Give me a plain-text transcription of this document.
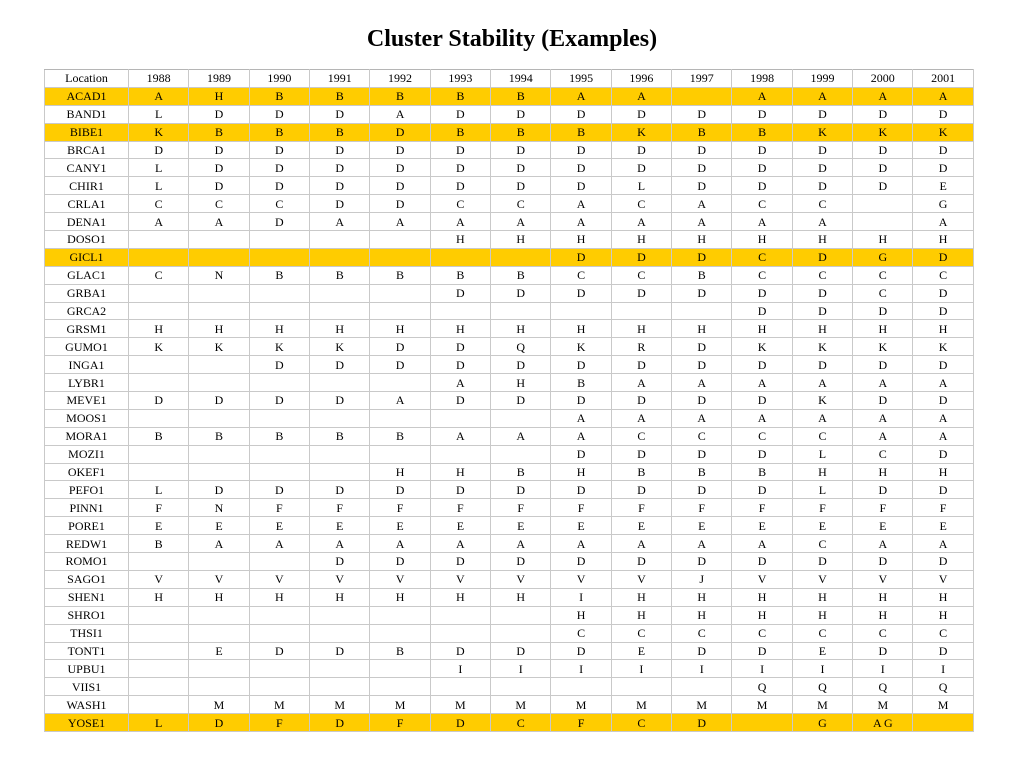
Cluster Stability (Examples)
Location	1988	1989	1990	1991	1992	1993	1994	1995	1996	1997	1998	1999	2000	2001
ACAD1	A	H	B	B	B	B	B	A	A		A	A	A	A
BAND1	L	D	D	D	A	D	D	D	D	D	D	D	D	D
BIBE1	K	B	B	B	D	B	B	B	K	B	B	K	K	K
BRCA1	D	D	D	D	D	D	D	D	D	D	D	D	D	D
CANY1	L	D	D	D	D	D	D	D	D	D	D	D	D	D
CHIR1	L	D	D	D	D	D	D	D	L	D	D	D	D	E
CRLA1	C	C	C	D	D	C	C	A	C	A	C	C		G
DENA1	A	A	D	A	A	A	A	A	A	A	A	A		A
DOSO1						H	H	H	H	H	H	H	H	H
GICL1								D	D	D	C	D	G	D
GLAC1	C	N	B	B	B	B	B	C	C	B	C	C	C	C
GRBA1						D	D	D	D	D	D	D	C	D
GRCA2											D	D	D	D
GRSM1	H	H	H	H	H	H	H	H	H	H	H	H	H	H
GUMO1	K	K	K	K	D	D	Q	K	R	D	K	K	K	K
INGA1			D	D	D	D	D	D	D	D	D	D	D	D
LYBR1						A	H	B	A	A	A	A	A	A
MEVE1	D	D	D	D	A	D	D	D	D	D	D	K	D	D
MOOS1								A	A	A	A	A	A	A
MORA1	B	B	B	B	B	A	A	A	C	C	C	C	A	A
MOZI1								D	D	D	D	L	C	D
OKEF1					H	H	B	H	B	B	B	H	H	H
PEFO1	L	D	D	D	D	D	D	D	D	D	D	L	D	D
PINN1	F	N	F	F	F	F	F	F	F	F	F	F	F	F
PORE1	E	E	E	E	E	E	E	E	E	E	E	E	E	E
REDW1	B	A	A	A	A	A	A	A	A	A	A	C	A	A
ROMO1				D	D	D	D	D	D	D	D	D	D	D
SAGO1	V	V	V	V	V	V	V	V	V	J	V	V	V	V
SHEN1	H	H	H	H	H	H	H	I	H	H	H	H	H	H
SHRO1								H	H	H	H	H	H	H
THSI1								C	C	C	C	C	C	C
TONT1		E	D	D	B	D	D	D	E	D	D	E	D	D
UPBU1						I	I	I	I	I	I	I	I	I
VIIS1											Q	Q	Q	Q
WASH1		M	M	M	M	M	M	M	M	M	M	M	M	M
YOSE1	L	D	F	D	F	D	C	F	C	D		G	A G	
